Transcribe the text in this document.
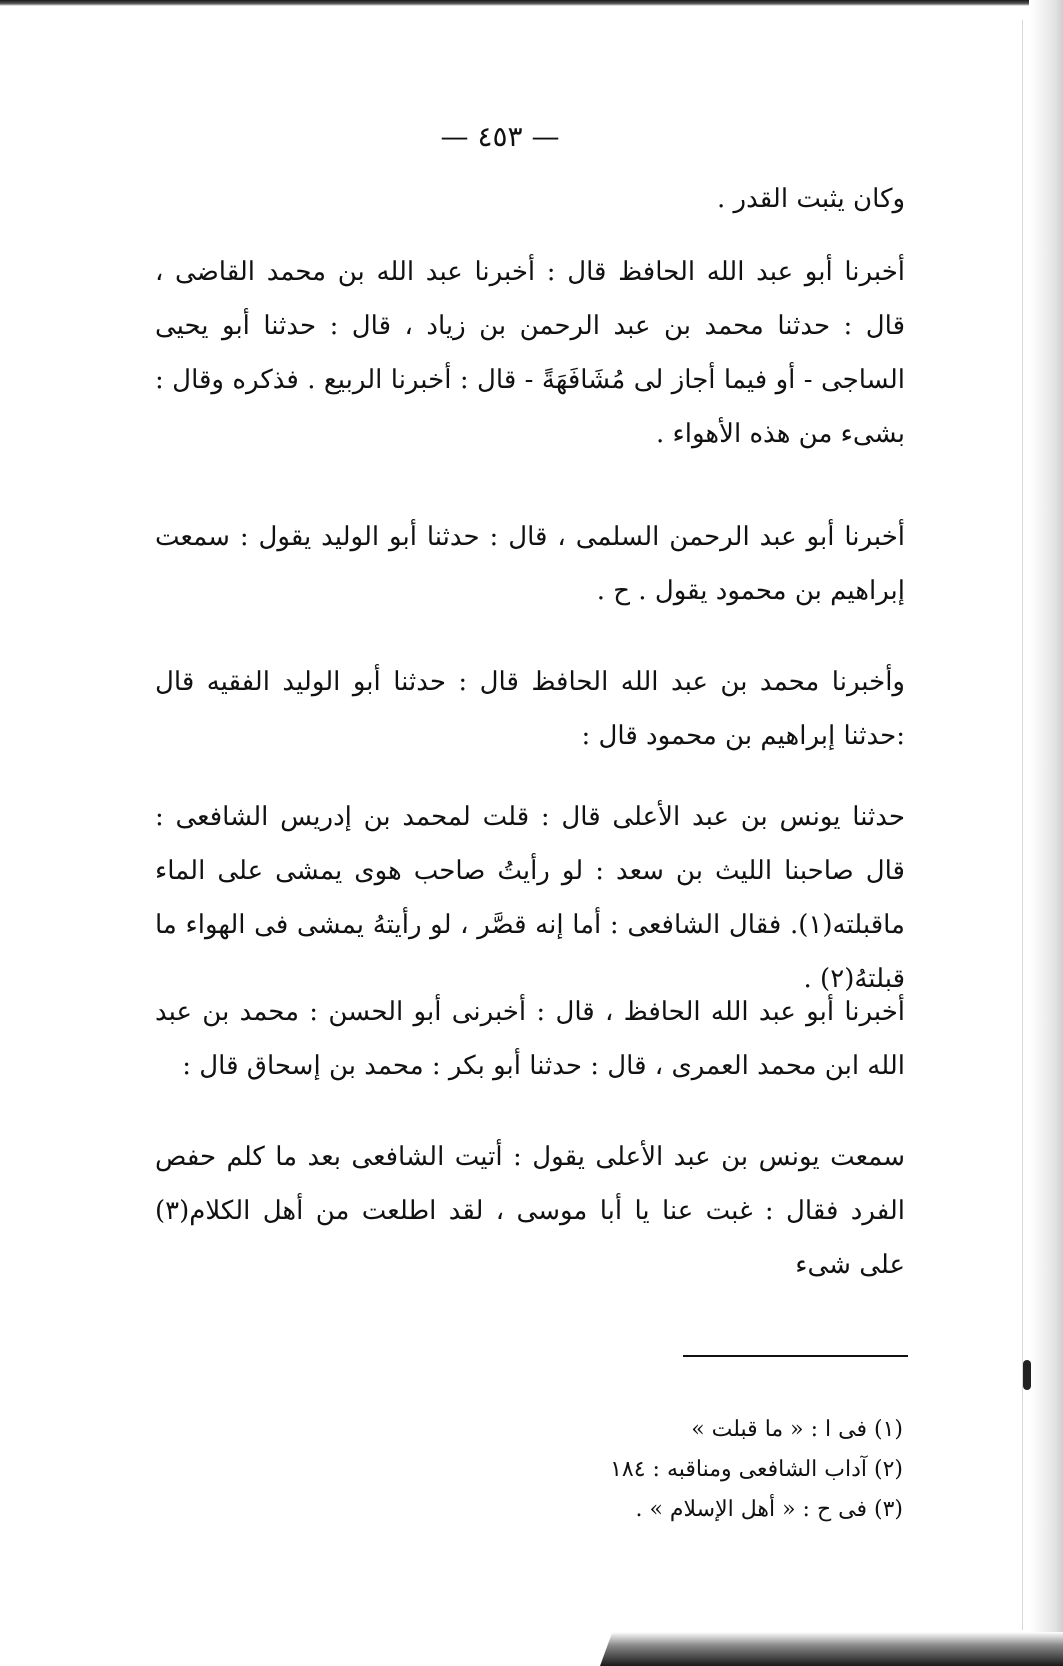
— ٤٥٣ —

وكان يثبت القدر .

أخبرنا أبو عبد الله الحافظ قال : أخبرنا عبد الله بن محمد القاضى ، قال : حدثنا محمد بن عبد الرحمن بن زياد ، قال : حدثنا أبو يحيى الساجى - أو فيما أجاز لى مُشَافَهَةً - قال : أخبرنا الربيع . فذكره وقال : بشىء من هذه الأهواء .

أخبرنا أبو عبد الرحمن السلمى ، قال : حدثنا أبو الوليد يقول : سمعت إبراهيم بن محمود يقول . ح .

وأخبرنا محمد بن عبد الله الحافظ قال : حدثنا أبو الوليد الفقيه قال :حدثنا إبراهيم بن محمود قال :

حدثنا يونس بن عبد الأعلى قال : قلت لمحمد بن إدريس الشافعى : قال صاحبنا الليث بن سعد : لو رأيتُ صاحب هوى يمشى على الماء ماقبلته(١). فقال الشافعى : أما إنه قصَّر ، لو رأيتهُ يمشى فى الهواء ما قبلتهُ(٢) .

أخبرنا أبو عبد الله الحافظ ، قال : أخبرنى أبو الحسن : محمد بن عبد الله ابن محمد العمرى ، قال : حدثنا أبو بكر : محمد بن إسحاق قال :

سمعت يونس بن عبد الأعلى يقول : أتيت الشافعى بعد ما كلم حفص الفرد فقال : غبت عنا يا أبا موسى ، لقد اطلعت من أهل الكلام(٣) على شىء

(١) فى ا : « ما قبلت »

(٢) آداب الشافعى ومناقبه : ١٨٤

(٣) فى ح : « أهل الإسلام » .
